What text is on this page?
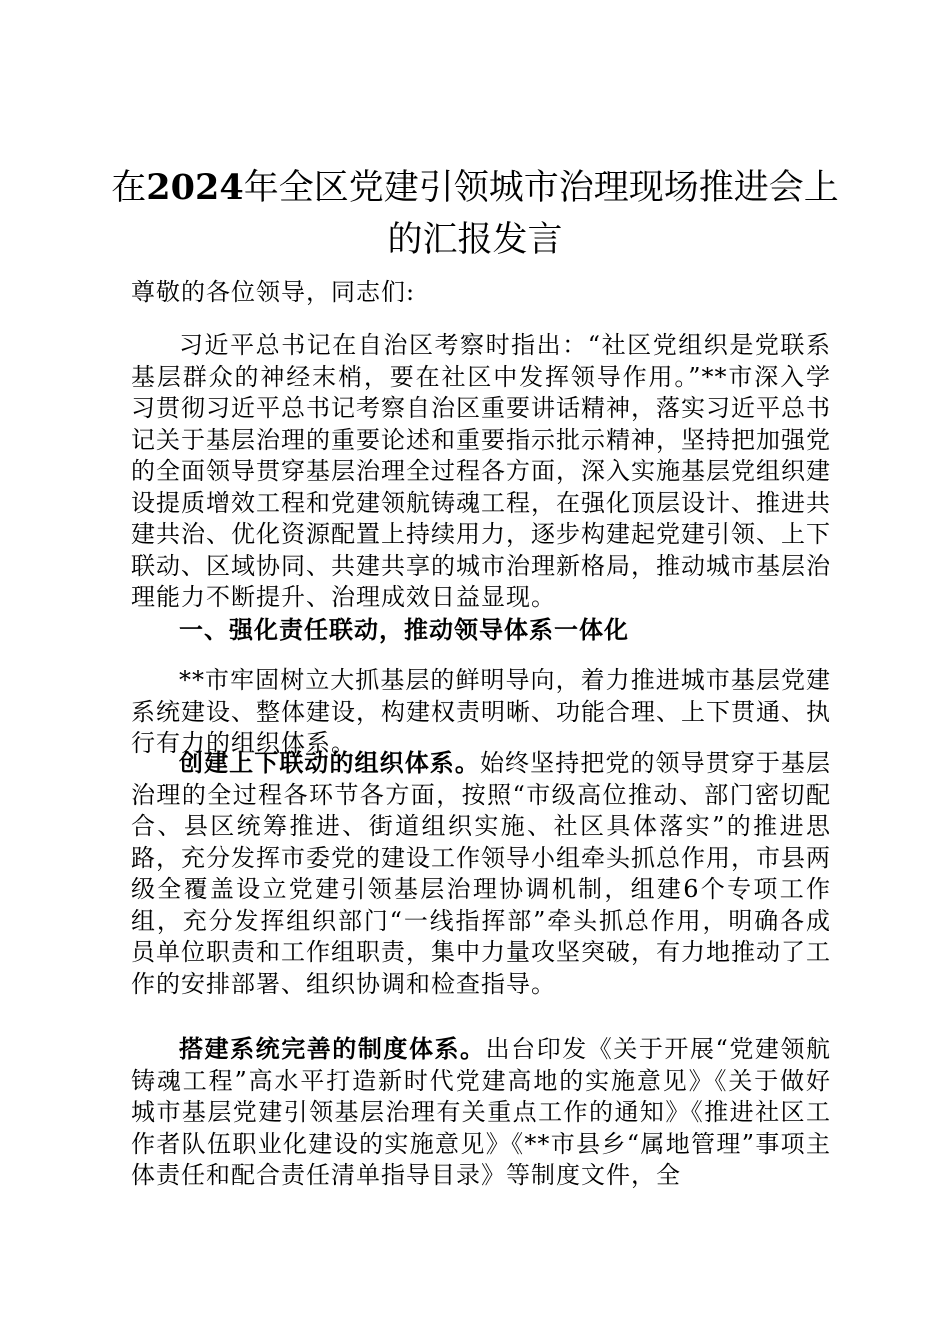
在2024年全区党建引领城市治理现场推进会上的汇报发言
尊敬的各位领导，同志们:
习近平总书记在自治区考察时指出：“社区党组织是党联系基层群众的神经末梢，要在社区中发挥领导作用。”**市深入学习贯彻习近平总书记考察自治区重要讲话精神，落实习近平总书记关于基层治理的重要论述和重要指示批示精神，坚持把加强党的全面领导贯穿基层治理全过程各方面，深入实施基层党组织建设提质增效工程和党建领航铸魂工程，在强化顶层设计、推进共建共治、优化资源配置上持续用力，逐步构建起党建引领、上下联动、区域协同、共建共享的城市治理新格局，推动城市基层治理能力不断提升、治理成效日益显现。
一、强化责任联动，推动领导体系一体化
**市牢固树立大抓基层的鲜明导向，着力推进城市基层党建系统建设、整体建设，构建权责明晰、功能合理、上下贯通、执行有力的组织体系。
创建上下联动的组织体系。始终坚持把党的领导贯穿于基层治理的全过程各环节各方面，按照“市级高位推动、部门密切配合、县区统筹推进、街道组织实施、社区具体落实”的推进思路，充分发挥市委党的建设工作领导小组牵头抓总作用，市县两级全覆盖设立党建引领基层治理协调机制，组建6个专项工作组，充分发挥组织部门“一线指挥部”牵头抓总作用，明确各成员单位职责和工作组职责，集中力量攻坚突破，有力地推动了工作的安排部署、组织协调和检查指导。
搭建系统完善的制度体系。出台印发《关于开展“党建领航铸魂工程”高水平打造新时代党建高地的实施意见》《关于做好城市基层党建引领基层治理有关重点工作的通知》《推进社区工作者队伍职业化建设的实施意见》《**市县乡“属地管理”事项主体责任和配合责任清单指导目录》等制度文件，全
